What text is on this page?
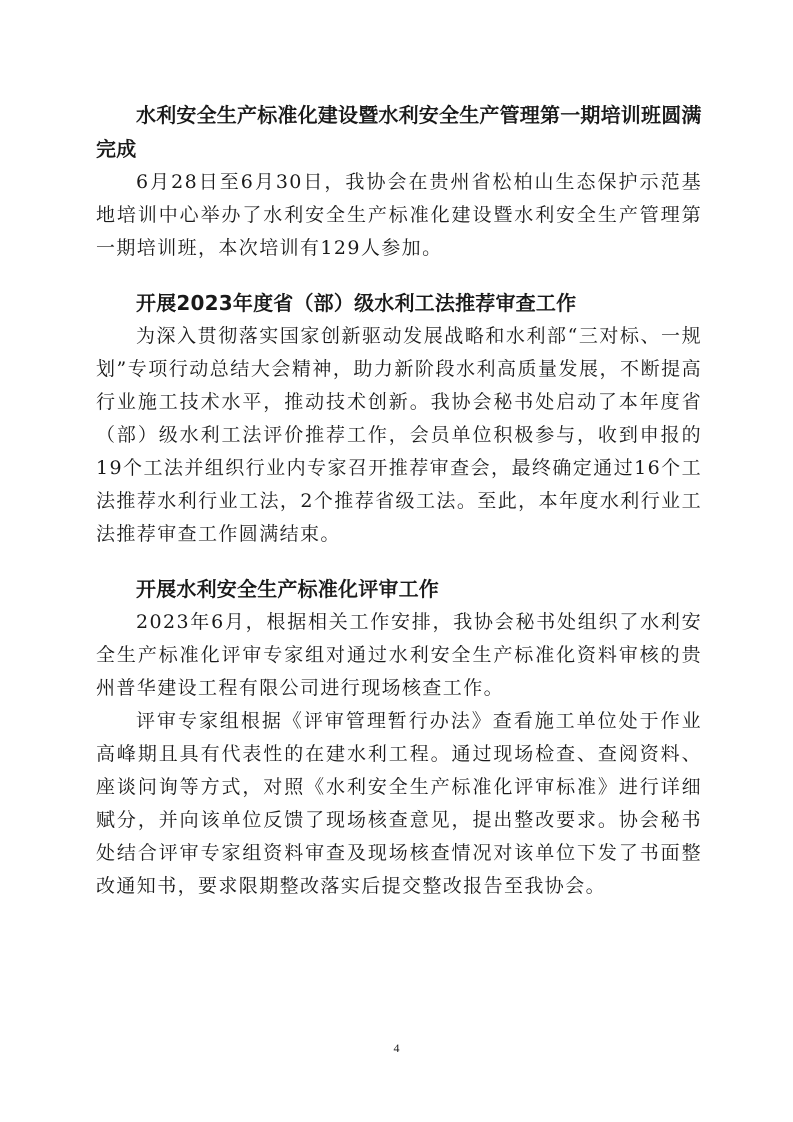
水利安全生产标准化建设暨水利安全生产管理第一期培训班圆满完成

6月28日至6月30日，我协会在贵州省松柏山生态保护示范基地培训中心举办了水利安全生产标准化建设暨水利安全生产管理第一期培训班，本次培训有129人参加。

开展2023年度省（部）级水利工法推荐审查工作

为深入贯彻落实国家创新驱动发展战略和水利部“三对标、一规划”专项行动总结大会精神，助力新阶段水利高质量发展，不断提高行业施工技术水平，推动技术创新。我协会秘书处启动了本年度省（部）级水利工法评价推荐工作，会员单位积极参与，收到申报的19个工法并组织行业内专家召开推荐审查会，最终确定通过16个工法推荐水利行业工法，2个推荐省级工法。至此，本年度水利行业工法推荐审查工作圆满结束。

开展水利安全生产标准化评审工作

2023年6月，根据相关工作安排，我协会秘书处组织了水利安全生产标准化评审专家组对通过水利安全生产标准化资料审核的贵州普华建设工程有限公司进行现场核查工作。

评审专家组根据《评审管理暂行办法》查看施工单位处于作业高峰期且具有代表性的在建水利工程。通过现场检查、查阅资料、座谈问询等方式，对照《水利安全生产标准化评审标准》进行详细赋分，并向该单位反馈了现场核查意见，提出整改要求。协会秘书处结合评审专家组资料审查及现场核查情况对该单位下发了书面整改通知书，要求限期整改落实后提交整改报告至我协会。

4
